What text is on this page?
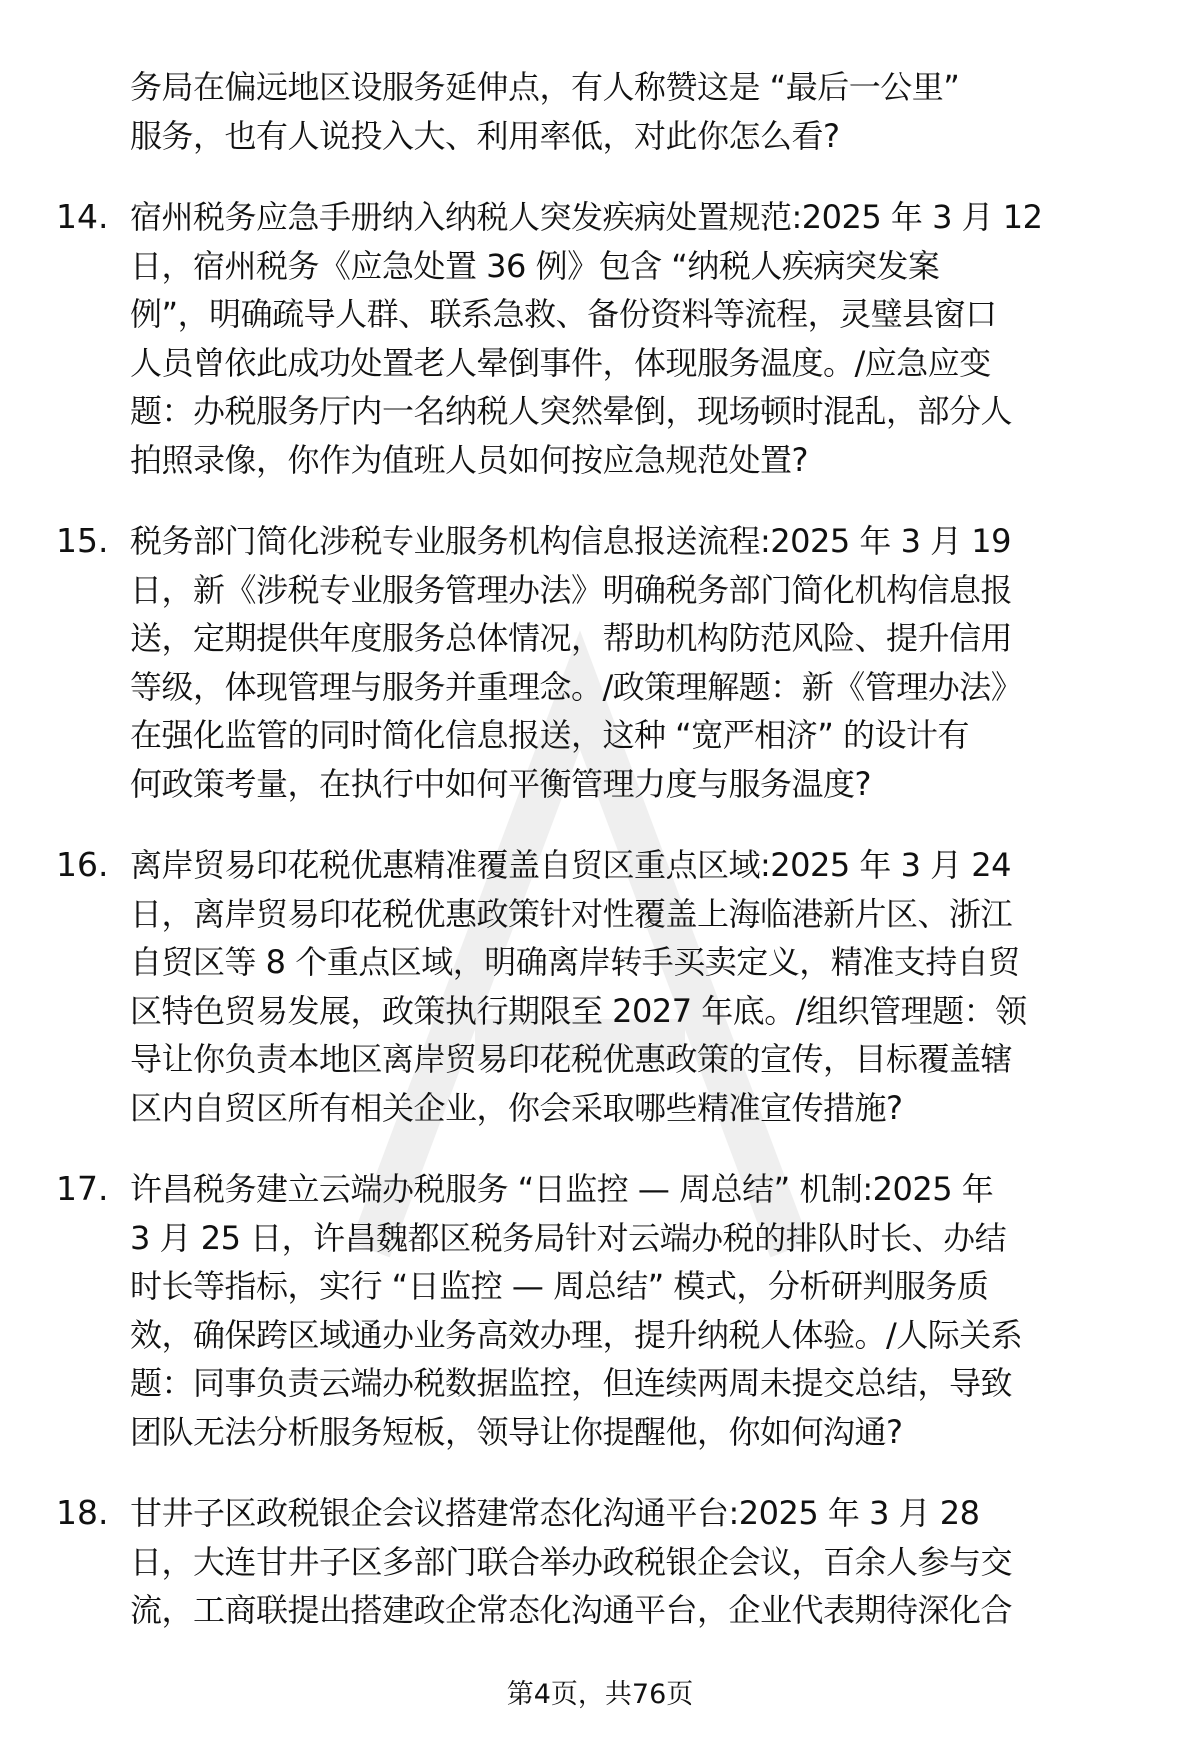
务局在偏远地区设服务延伸点，有人称赞这是 “最后一公里”
服务，也有人说投入大、利用率低，对此你怎么看?
14. 宿州税务应急手册纳入纳税人突发疾病处置规范:2025 年 3 月 12
日，宿州税务《应急处置 36 例》包含 “纳税人疾病突发案
例”，明确疏导人群、联系急救、备份资料等流程，灵璧县窗口
人员曾依此成功处置老人晕倒事件，体现服务温度。/应急应变
题：办税服务厅内一名纳税人突然晕倒，现场顿时混乱，部分人
拍照录像，你作为值班人员如何按应急规范处置?
15. 税务部门简化涉税专业服务机构信息报送流程:2025 年 3 月 19
日，新《涉税专业服务管理办法》明确税务部门简化机构信息报
送，定期提供年度服务总体情况，帮助机构防范风险、提升信用
等级，体现管理与服务并重理念。/政策理解题：新《管理办法》
在强化监管的同时简化信息报送，这种 “宽严相济” 的设计有
何政策考量，在执行中如何平衡管理力度与服务温度?
16. 离岸贸易印花税优惠精准覆盖自贸区重点区域:2025 年 3 月 24
日，离岸贸易印花税优惠政策针对性覆盖上海临港新片区、浙江
自贸区等 8 个重点区域，明确离岸转手买卖定义，精准支持自贸
区特色贸易发展，政策执行期限至 2027 年底。/组织管理题：领
导让你负责本地区离岸贸易印花税优惠政策的宣传，目标覆盖辖
区内自贸区所有相关企业，你会采取哪些精准宣传措施?
17. 许昌税务建立云端办税服务 “日监控 — 周总结” 机制:2025 年
3 月 25 日，许昌魏都区税务局针对云端办税的排队时长、办结
时长等指标，实行 “日监控 — 周总结” 模式，分析研判服务质
效，确保跨区域通办业务高效办理，提升纳税人体验。/人际关系
题：同事负责云端办税数据监控，但连续两周未提交总结，导致
团队无法分析服务短板，领导让你提醒他，你如何沟通?
18. 甘井子区政税银企会议搭建常态化沟通平台:2025 年 3 月 28
日，大连甘井子区多部门联合举办政税银企会议，百余人参与交
流，工商联提出搭建政企常态化沟通平台，企业代表期待深化合
第4页，共76页
